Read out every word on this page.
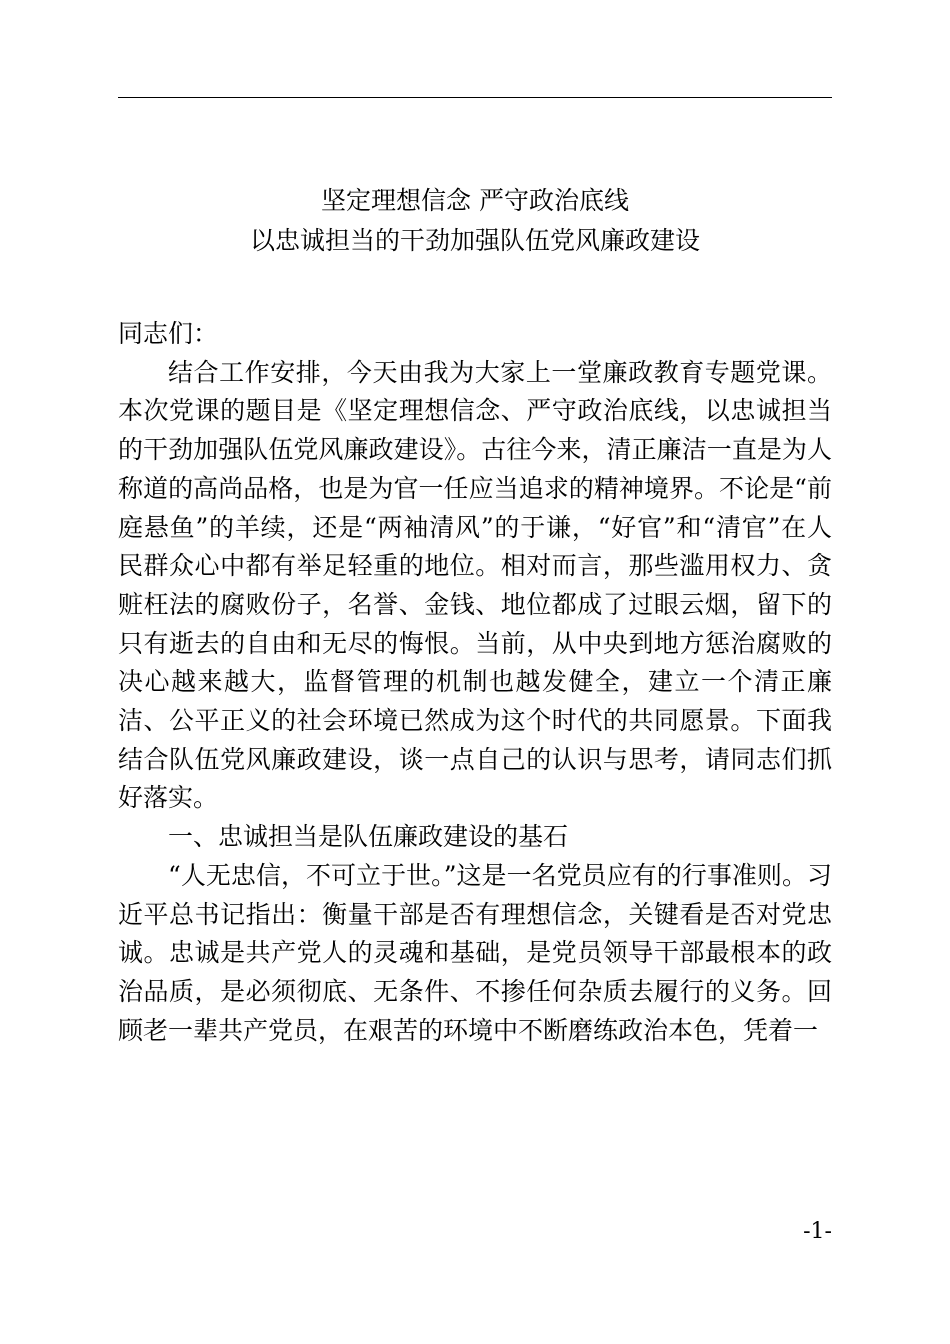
坚定理想信念 严守政治底线
以忠诚担当的干劲加强队伍党风廉政建设

同志们：

结合工作安排，今天由我为大家上一堂廉政教育专题党课。本次党课的题目是《坚定理想信念、严守政治底线，以忠诚担当的干劲加强队伍党风廉政建设》。古往今来，清正廉洁一直是为人称道的高尚品格，也是为官一任应当追求的精神境界。不论是“前庭悬鱼”的羊续，还是“两袖清风”的于谦，“好官”和“清官”在人民群众心中都有举足轻重的地位。相对而言，那些滥用权力、贪赃枉法的腐败份子，名誉、金钱、地位都成了过眼云烟，留下的只有逝去的自由和无尽的悔恨。当前，从中央到地方惩治腐败的决心越来越大，监督管理的机制也越发健全，建立一个清正廉洁、公平正义的社会环境已然成为这个时代的共同愿景。下面我结合队伍党风廉政建设，谈一点自己的认识与思考，请同志们抓好落实。

一、忠诚担当是队伍廉政建设的基石

“人无忠信，不可立于世。”这是一名党员应有的行事准则。习近平总书记指出：衡量干部是否有理想信念，关键看是否对党忠诚。忠诚是共产党人的灵魂和基础，是党员领导干部最根本的政治品质，是必须彻底、无条件、不掺任何杂质去履行的义务。回顾老一辈共产党员，在艰苦的环境中不断磨练政治本色，凭着一

-1-
